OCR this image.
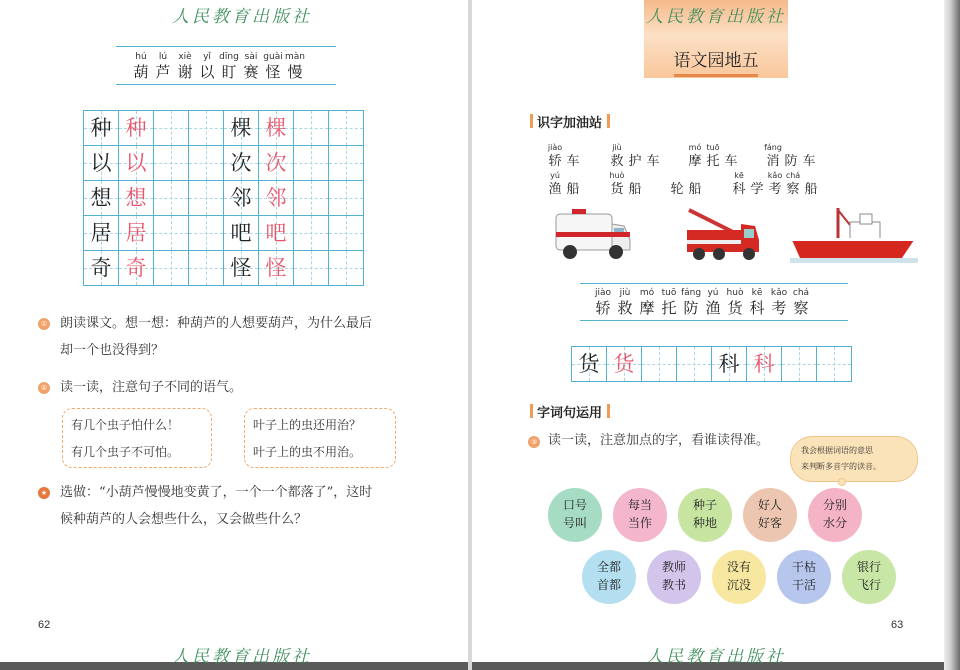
人民教育出版社
hú
葫
lú
芦
xiè
谢
yǐ
以
dīng
盯
sài
赛
guài
怪
màn
慢
种 种	棵 棵
以 以	次 次
想 想	邻 邻
居 居	吧 吧
奇 奇	怪 怪
① 朗读课文。想一想：种葫芦的人想要葫芦，为什么最后
却一个也没得到？
② 读一读，注意句子不同的语气。
有几个虫子怕什么！
有几个虫子不可怕。
叶子上的虫还用治？
叶子上的虫不用治。
★ 选做：“小葫芦慢慢地变黄了，一个一个都落了”，这时
候种葫芦的人会想些什么，又会做些什么？
62
人民教育出版社
人民教育出版社
语文园地五
识字加油站
jiào
轿
车
jiù
救
护
车
mó
摩
tuō
托
车
fáng
消
防
车
yú
渔
船
huò
货
船
轮
船
kē
科
学
kǎo
考
chá
察
船
jiào
轿
jiù
救
mó
摩
tuō
托
fáng
防
yú
渔
huò
货
kē
科
kǎo
考
chá
察
货 货	科 科
字词句运用
③ 读一读，注意加点的字，看谁读得准。
我会根据词语的意思
来判断多音字的读音。
口号
号叫
每当
当作
种子
种地
好人
好客
分别
水分
全都
首都
教师
教书
没有
沉没
干枯
干活
银行
飞行
63
人民教育出版社
